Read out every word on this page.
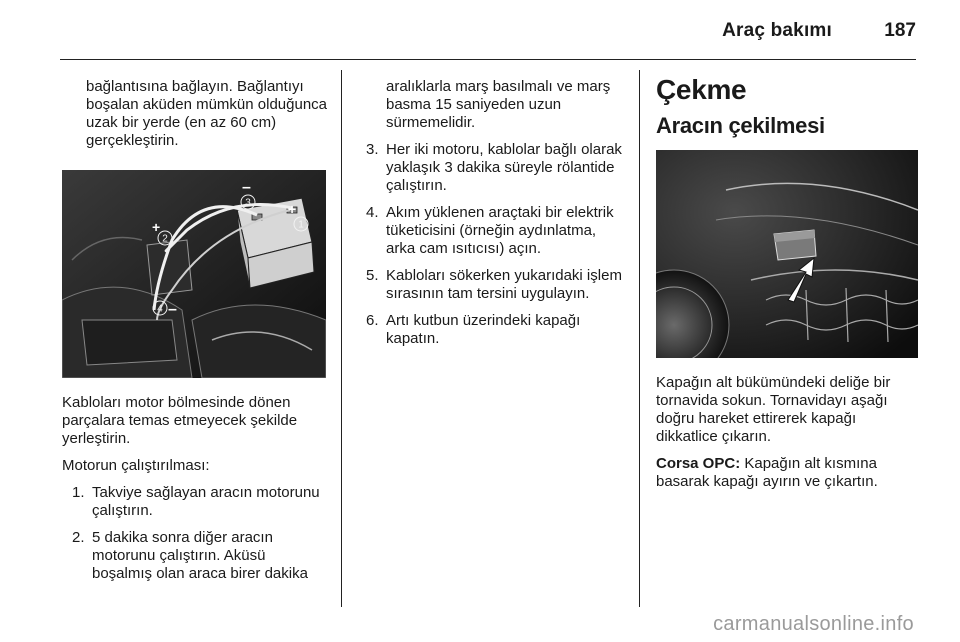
Araç bakımı	187

bağlantısına bağlayın. Bağlantıyı boşalan aküden mümkün olduğunca uzak bir yerde (en az 60 cm) gerçekleştirin.

1
2
3
4
–
+
+
–

Kabloları motor bölmesinde dönen parçalara temas etmeyecek şekilde yerleştirin.

Motorun çalıştırılması:

1. Takviye sağlayan aracın motorunu çalıştırın.
2. 5 dakika sonra diğer aracın motorunu çalıştırın. Aküsü boşalmış olan araca birer dakika

aralıklarla marş basılmalı ve marş basma 15 saniyeden uzun sürmemelidir.

3. Her iki motoru, kablolar bağlı olarak yaklaşık 3 dakika süreyle rölantide çalıştırın.
4. Akım yüklenen araçtaki bir elektrik tüketicisini (örneğin aydınlatma, arka cam ısıtıcısı) açın.
5. Kabloları sökerken yukarıdaki işlem sırasının tam tersini uygulayın.
6. Artı kutbun üzerindeki kapağı kapatın.
Çekme
Aracın çekilmesi

Kapağın alt bükümündeki deliğe bir tornavida sokun. Tornavidayı aşağı doğru hareket ettirerek kapağı dikkatlice çıkarın.

Corsa OPC: Kapağın alt kısmına basarak kapağı ayırın ve çıkartın.

carmanualsonline.info
